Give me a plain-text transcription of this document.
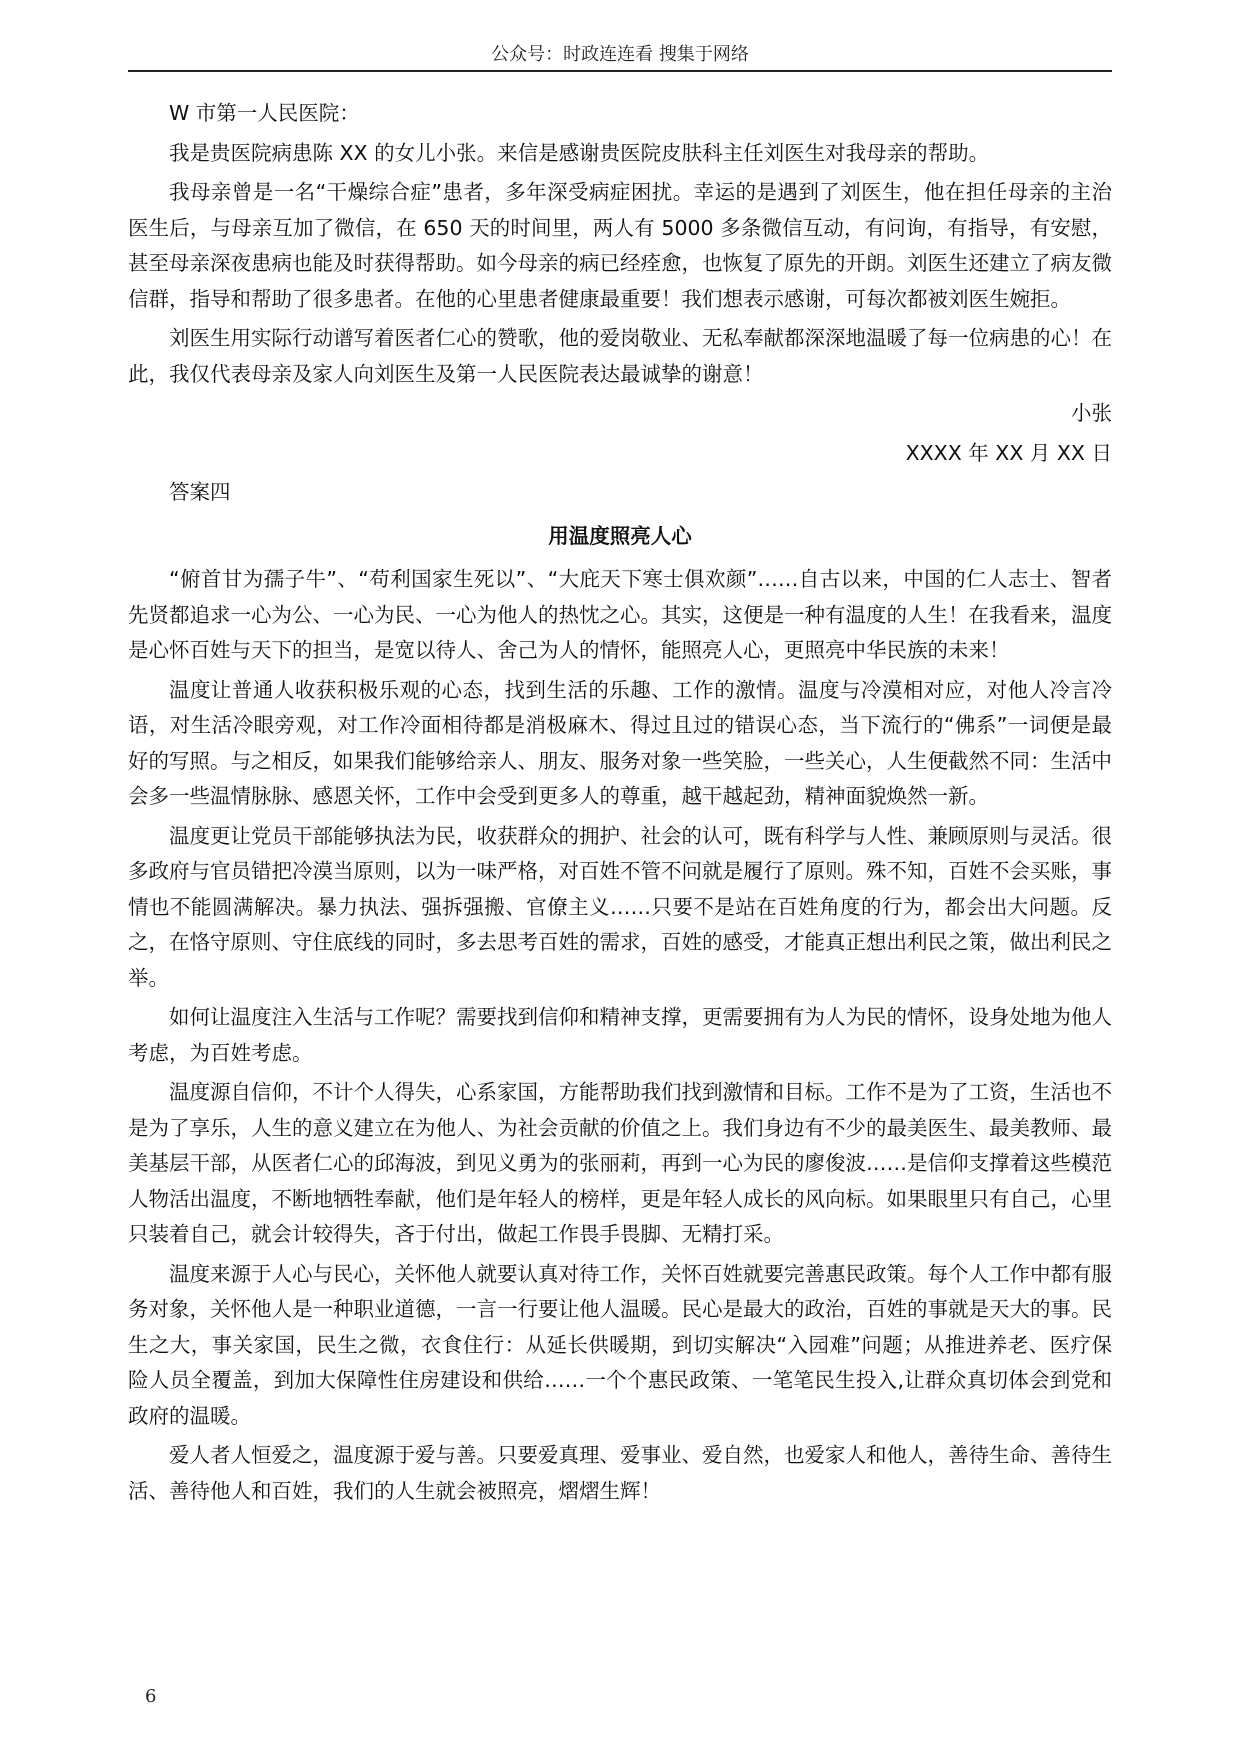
公众号：时政连连看 搜集于网络

W 市第一人民医院：

我是贵医院病患陈 XX 的女儿小张。来信是感谢贵医院皮肤科主任刘医生对我母亲的帮助。

我母亲曾是一名“干燥综合症”患者，多年深受病症困扰。幸运的是遇到了刘医生，他在担任母亲的主治医生后，与母亲互加了微信，在 650 天的时间里，两人有 5000 多条微信互动，有问询，有指导，有安慰，甚至母亲深夜患病也能及时获得帮助。如今母亲的病已经痊愈，也恢复了原先的开朗。刘医生还建立了病友微信群，指导和帮助了很多患者。在他的心里患者健康最重要！我们想表示感谢，可每次都被刘医生婉拒。

刘医生用实际行动谱写着医者仁心的赞歌，他的爱岗敬业、无私奉献都深深地温暖了每一位病患的心！在此，我仅代表母亲及家人向刘医生及第一人民医院表达最诚挚的谢意！

小张

XXXX 年 XX 月 XX 日

答案四

用温度照亮人心

“俯首甘为孺子牛”、“苟利国家生死以”、“大庇天下寒士俱欢颜”……自古以来，中国的仁人志士、智者先贤都追求一心为公、一心为民、一心为他人的热忱之心。其实，这便是一种有温度的人生！在我看来，温度是心怀百姓与天下的担当，是宽以待人、舍己为人的情怀，能照亮人心，更照亮中华民族的未来！

温度让普通人收获积极乐观的心态，找到生活的乐趣、工作的激情。温度与冷漠相对应，对他人冷言冷语，对生活冷眼旁观，对工作冷面相待都是消极麻木、得过且过的错误心态，当下流行的“佛系”一词便是最好的写照。与之相反，如果我们能够给亲人、朋友、服务对象一些笑脸，一些关心，人生便截然不同：生活中会多一些温情脉脉、感恩关怀，工作中会受到更多人的尊重，越干越起劲，精神面貌焕然一新。

温度更让党员干部能够执法为民，收获群众的拥护、社会的认可，既有科学与人性、兼顾原则与灵活。很多政府与官员错把冷漠当原则，以为一味严格，对百姓不管不问就是履行了原则。殊不知，百姓不会买账，事情也不能圆满解决。暴力执法、强拆强搬、官僚主义……只要不是站在百姓角度的行为，都会出大问题。反之，在恪守原则、守住底线的同时，多去思考百姓的需求，百姓的感受，才能真正想出利民之策，做出利民之举。

如何让温度注入生活与工作呢？需要找到信仰和精神支撑，更需要拥有为人为民的情怀，设身处地为他人考虑，为百姓考虑。

温度源自信仰，不计个人得失，心系家国，方能帮助我们找到激情和目标。工作不是为了工资，生活也不是为了享乐，人生的意义建立在为他人、为社会贡献的价值之上。我们身边有不少的最美医生、最美教师、最美基层干部，从医者仁心的邱海波，到见义勇为的张丽莉，再到一心为民的廖俊波……是信仰支撑着这些模范人物活出温度，不断地牺牲奉献，他们是年轻人的榜样，更是年轻人成长的风向标。如果眼里只有自己，心里只装着自己，就会计较得失，吝于付出，做起工作畏手畏脚、无精打采。

温度来源于人心与民心，关怀他人就要认真对待工作，关怀百姓就要完善惠民政策。每个人工作中都有服务对象，关怀他人是一种职业道德，一言一行要让他人温暖。民心是最大的政治，百姓的事就是天大的事。民生之大，事关家国，民生之微，衣食住行：从延长供暖期，到切实解决“入园难”问题；从推进养老、医疗保险人员全覆盖，到加大保障性住房建设和供给……一个个惠民政策、一笔笔民生投入,让群众真切体会到党和政府的温暖。

爱人者人恒爱之，温度源于爱与善。只要爱真理、爱事业、爱自然，也爱家人和他人，善待生命、善待生活、善待他人和百姓，我们的人生就会被照亮，熠熠生辉！

6
